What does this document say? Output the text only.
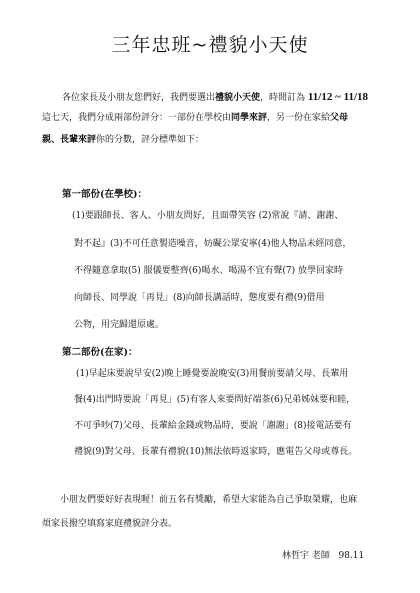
三年忠班~禮貌小天使
各位家長及小朋友您們好，我們要選出禮貌小天使，時間訂為 11/12 ~ 11/18
這七天，我們分成兩部份評分：一部份在學校由同學來評，另一份在家給父母
親、長輩來評你的分數，評分標準如下：
第一部份(在學校)：
(1)要跟師長、客人、小朋友問好，且面帶笑容 (2)常說『請、謝謝、
對不起』(3)不可任意製造噪音，妨礙公眾安寧(4)他人物品未經同意，
不得隨意拿取(5) 服儀要整齊(6)喝水、喝湯不宜有聲(7) 放學回家時
向師長、同學說「再見」(8)向師長講話時，態度要有禮(9)借用
公物，用完歸還原處。
第二部份(在家)：
(1)早起床要說早安(2)晚上睡覺要說晚安(3)用餐前要請父母、長輩用
餐(4)出門時要說「再見」(5)有客人來要問好端茶(6)兄弟姊妹要和睦，
不可爭吵(7)父母、長輩給金錢或物品時，要說「謝謝」(8)接電話要有
禮貌(9)對父母、長輩有禮貌(10)無法依時返家時，應電告父母或尊長。
小朋友們要好好表現喔！前五名有獎勵，希望大家能為自己爭取榮耀，也麻
煩家長撥空填寫家庭禮貌評分表。
林哲宇 老師 98.11
